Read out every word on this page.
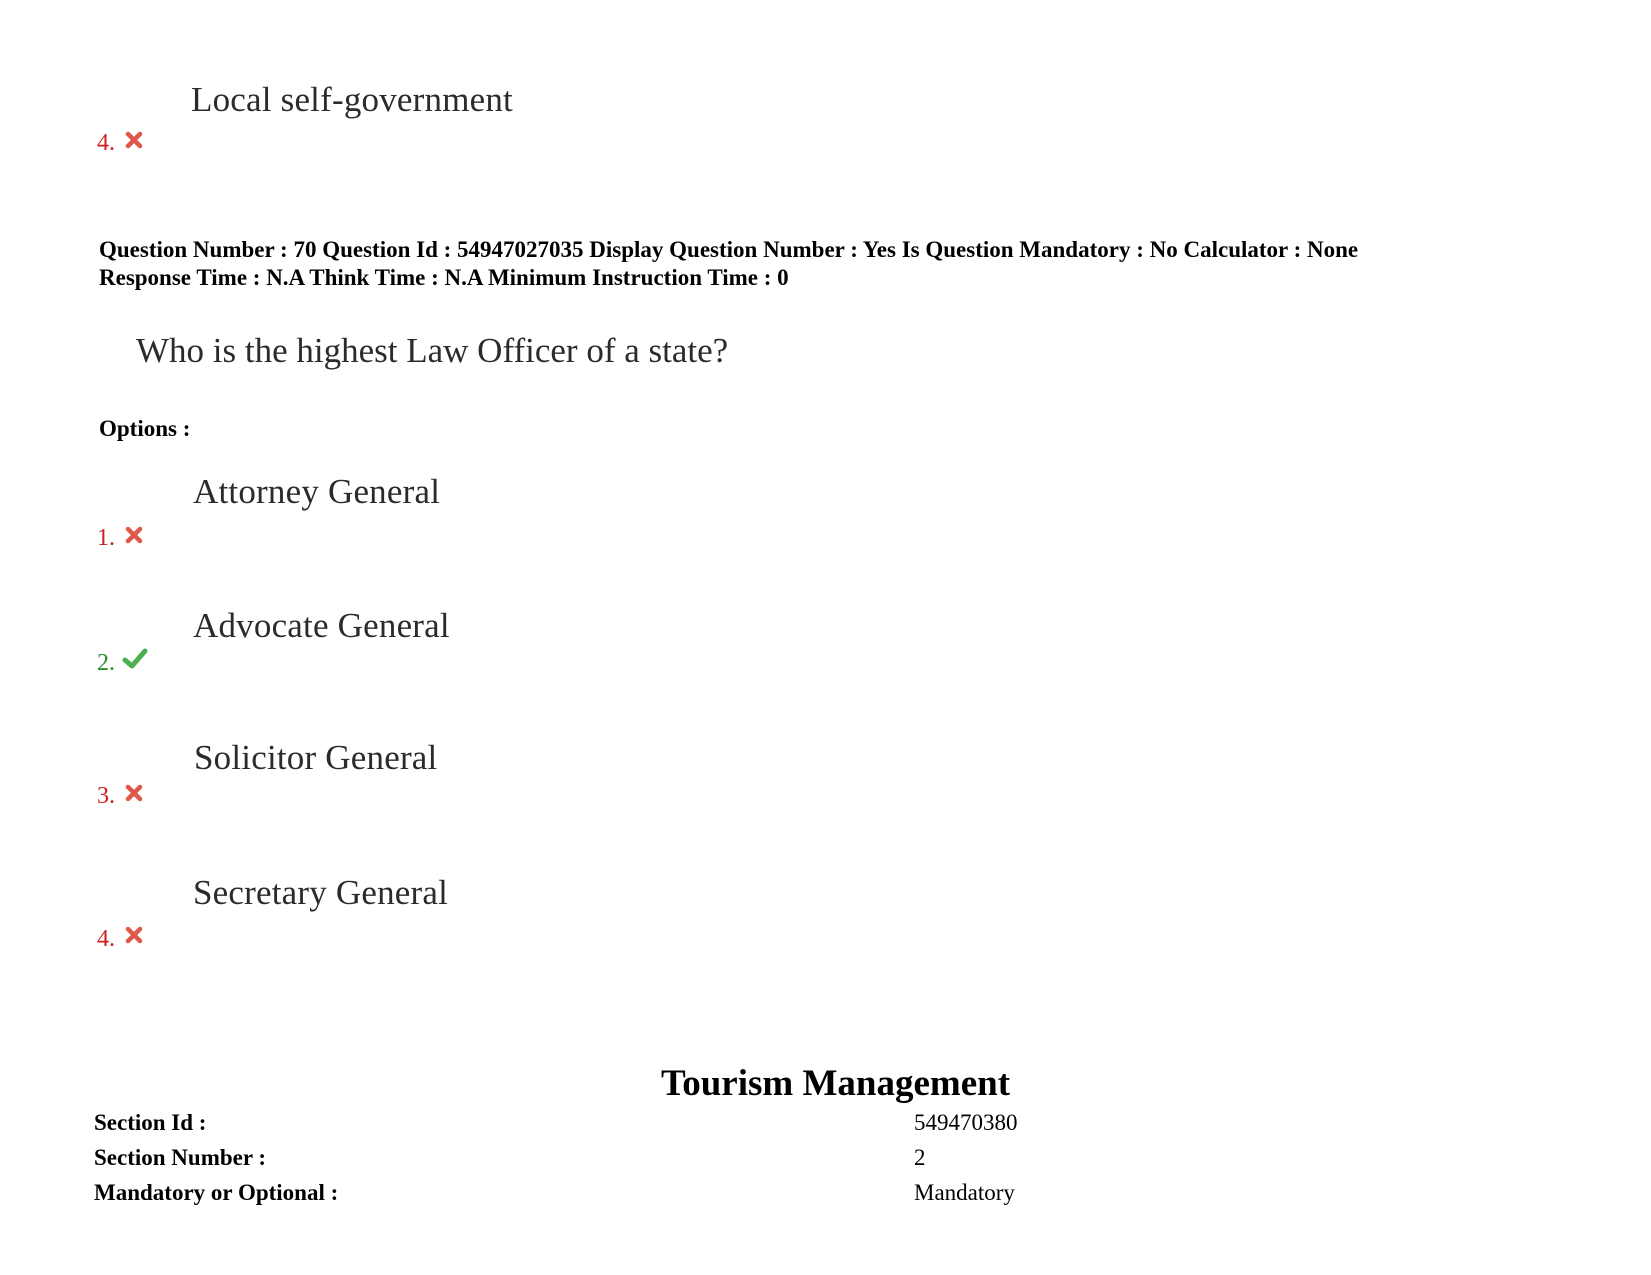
Local self-government
4.
Question Number : 70 Question Id : 54947027035 Display Question Number : Yes Is Question Mandatory : No Calculator : None
Response Time : N.A Think Time : N.A Minimum Instruction Time : 0
Who is the highest Law Officer of a state?
Options :
Attorney General
1.
Advocate General
2.
Solicitor General
3.
Secretary General
4.
Tourism Management
Section Id :	549470380
Section Number :	2
Mandatory or Optional :	Mandatory
